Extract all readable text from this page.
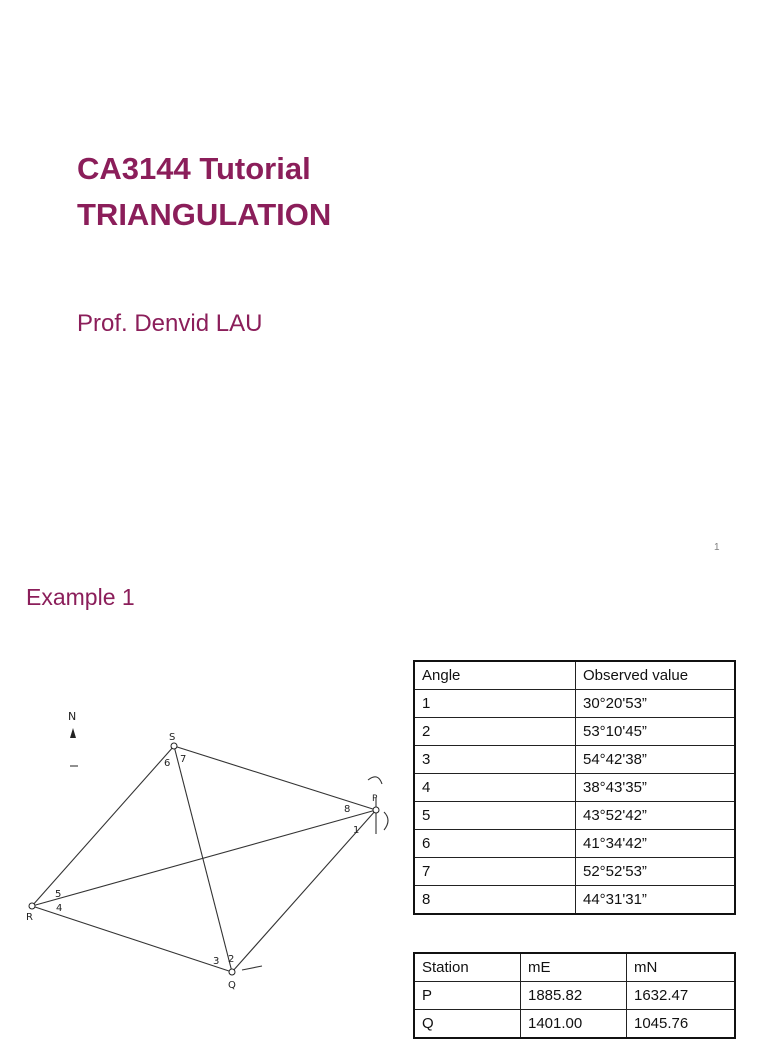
CA3144 Tutorial
TRIANGULATION
Prof. Denvid LAU
1
Example 1
N
S
P
R
Q
1
2
3
4
5
6 7
8
Angle	Observed value
1	30°20'53”
2	53°10'45”
3	54°42'38”
4	38°43'35”
5	43°52'42”
6	41°34'42”
7	52°52'53”
8	44°31'31”
Station	mE	mN
P	1885.82	1632.47
Q	1401.00	1045.76
